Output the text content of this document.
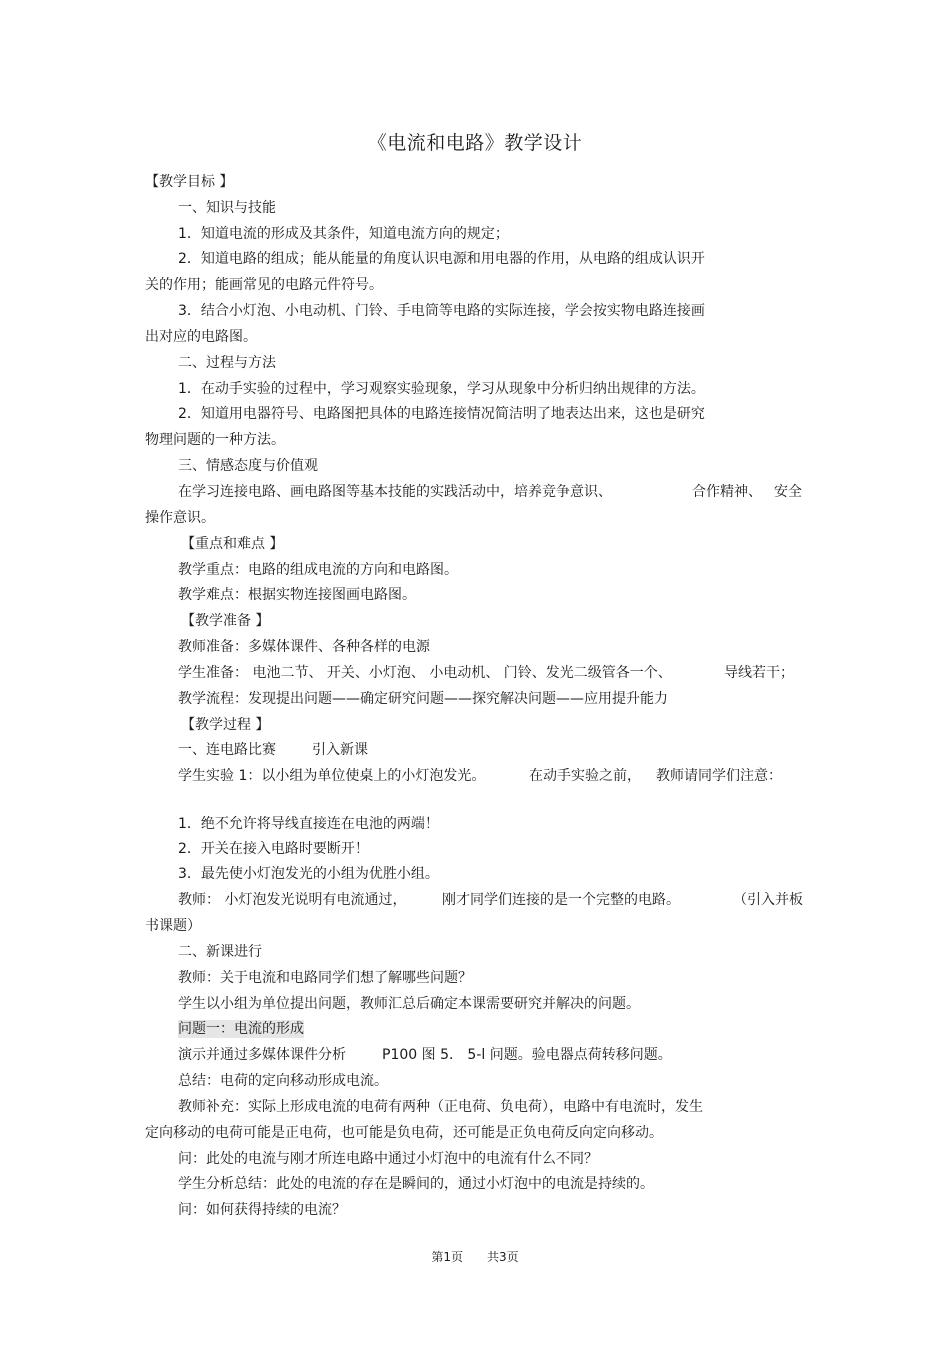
《电流和电路》教学设计
【教学目标 】
一、知识与技能
1．知道电流的形成及其条件，知道电流方向的规定；
2．知道电路的组成；能从能量的角度认识电源和用电器的作用，从电路的组成认识开
关的作用；能画常见的电路元件符号。
3．结合小灯泡、小电动机、门铃、手电筒等电路的实际连接，学会按实物电路连接画
出对应的电路图。
二、过程与方法
1．在动手实验的过程中，学习观察实验现象，学习从现象中分析归纳出规律的方法。
2．知道用电器符号、电路图把具体的电路连接情况简洁明了地表达出来，这也是研究
物理问题的一种方法。
三、情感态度与价值观
在学习连接电路、画电路图等基本技能的实践活动中，培养竞争意识、	合作精神、 安全
操作意识。
【重点和难点 】
教学重点：电路的组成电流的方向和电路图。
教学难点：根据实物连接图画电路图。
【教学准备 】
教师准备：多媒体课件、各种各样的电源
学生准备： 电池二节、 开关、小灯泡、 小电动机、 门铃、发光二级管各一个、	导线若干；
教学流程：发现提出问题——确定研究问题——探究解决问题——应用提升能力
【教学过程 】
一、连电路比赛	引入新课
学生实验 1：以小组为单位使桌上的小灯泡发光。	在动手实验之前， 教师请同学们注意：
1．绝不允许将导线直接连在电池的两端！
2．开关在接入电路时要断开！
3．最先使小灯泡发光的小组为优胜小组。
教师： 小灯泡发光说明有电流通过，	刚才同学们连接的是一个完整的电路。	（引入并板
书课题）
二、新课进行
教师：关于电流和电路同学们想了解哪些问题？
学生以小组为单位提出问题，教师汇总后确定本课需要研究并解决的问题。
问题一：电流的形成
演示并通过多媒体课件分析	P100 图 5． 5-l 问题。验电器点荷转移问题。
总结：电荷的定向移动形成电流。
教师补充：实际上形成电流的电荷有两种（正电荷、负电荷），电路中有电流时，发生
定向移动的电荷可能是正电荷，也可能是负电荷，还可能是正负电荷反向定向移动。
问：此处的电流与刚才所连电路中通过小灯泡中的电流有什么不同？
学生分析总结：此处的电流的存在是瞬间的，通过小灯泡中的电流是持续的。
问：如何获得持续的电流？
第1页　　共3页
